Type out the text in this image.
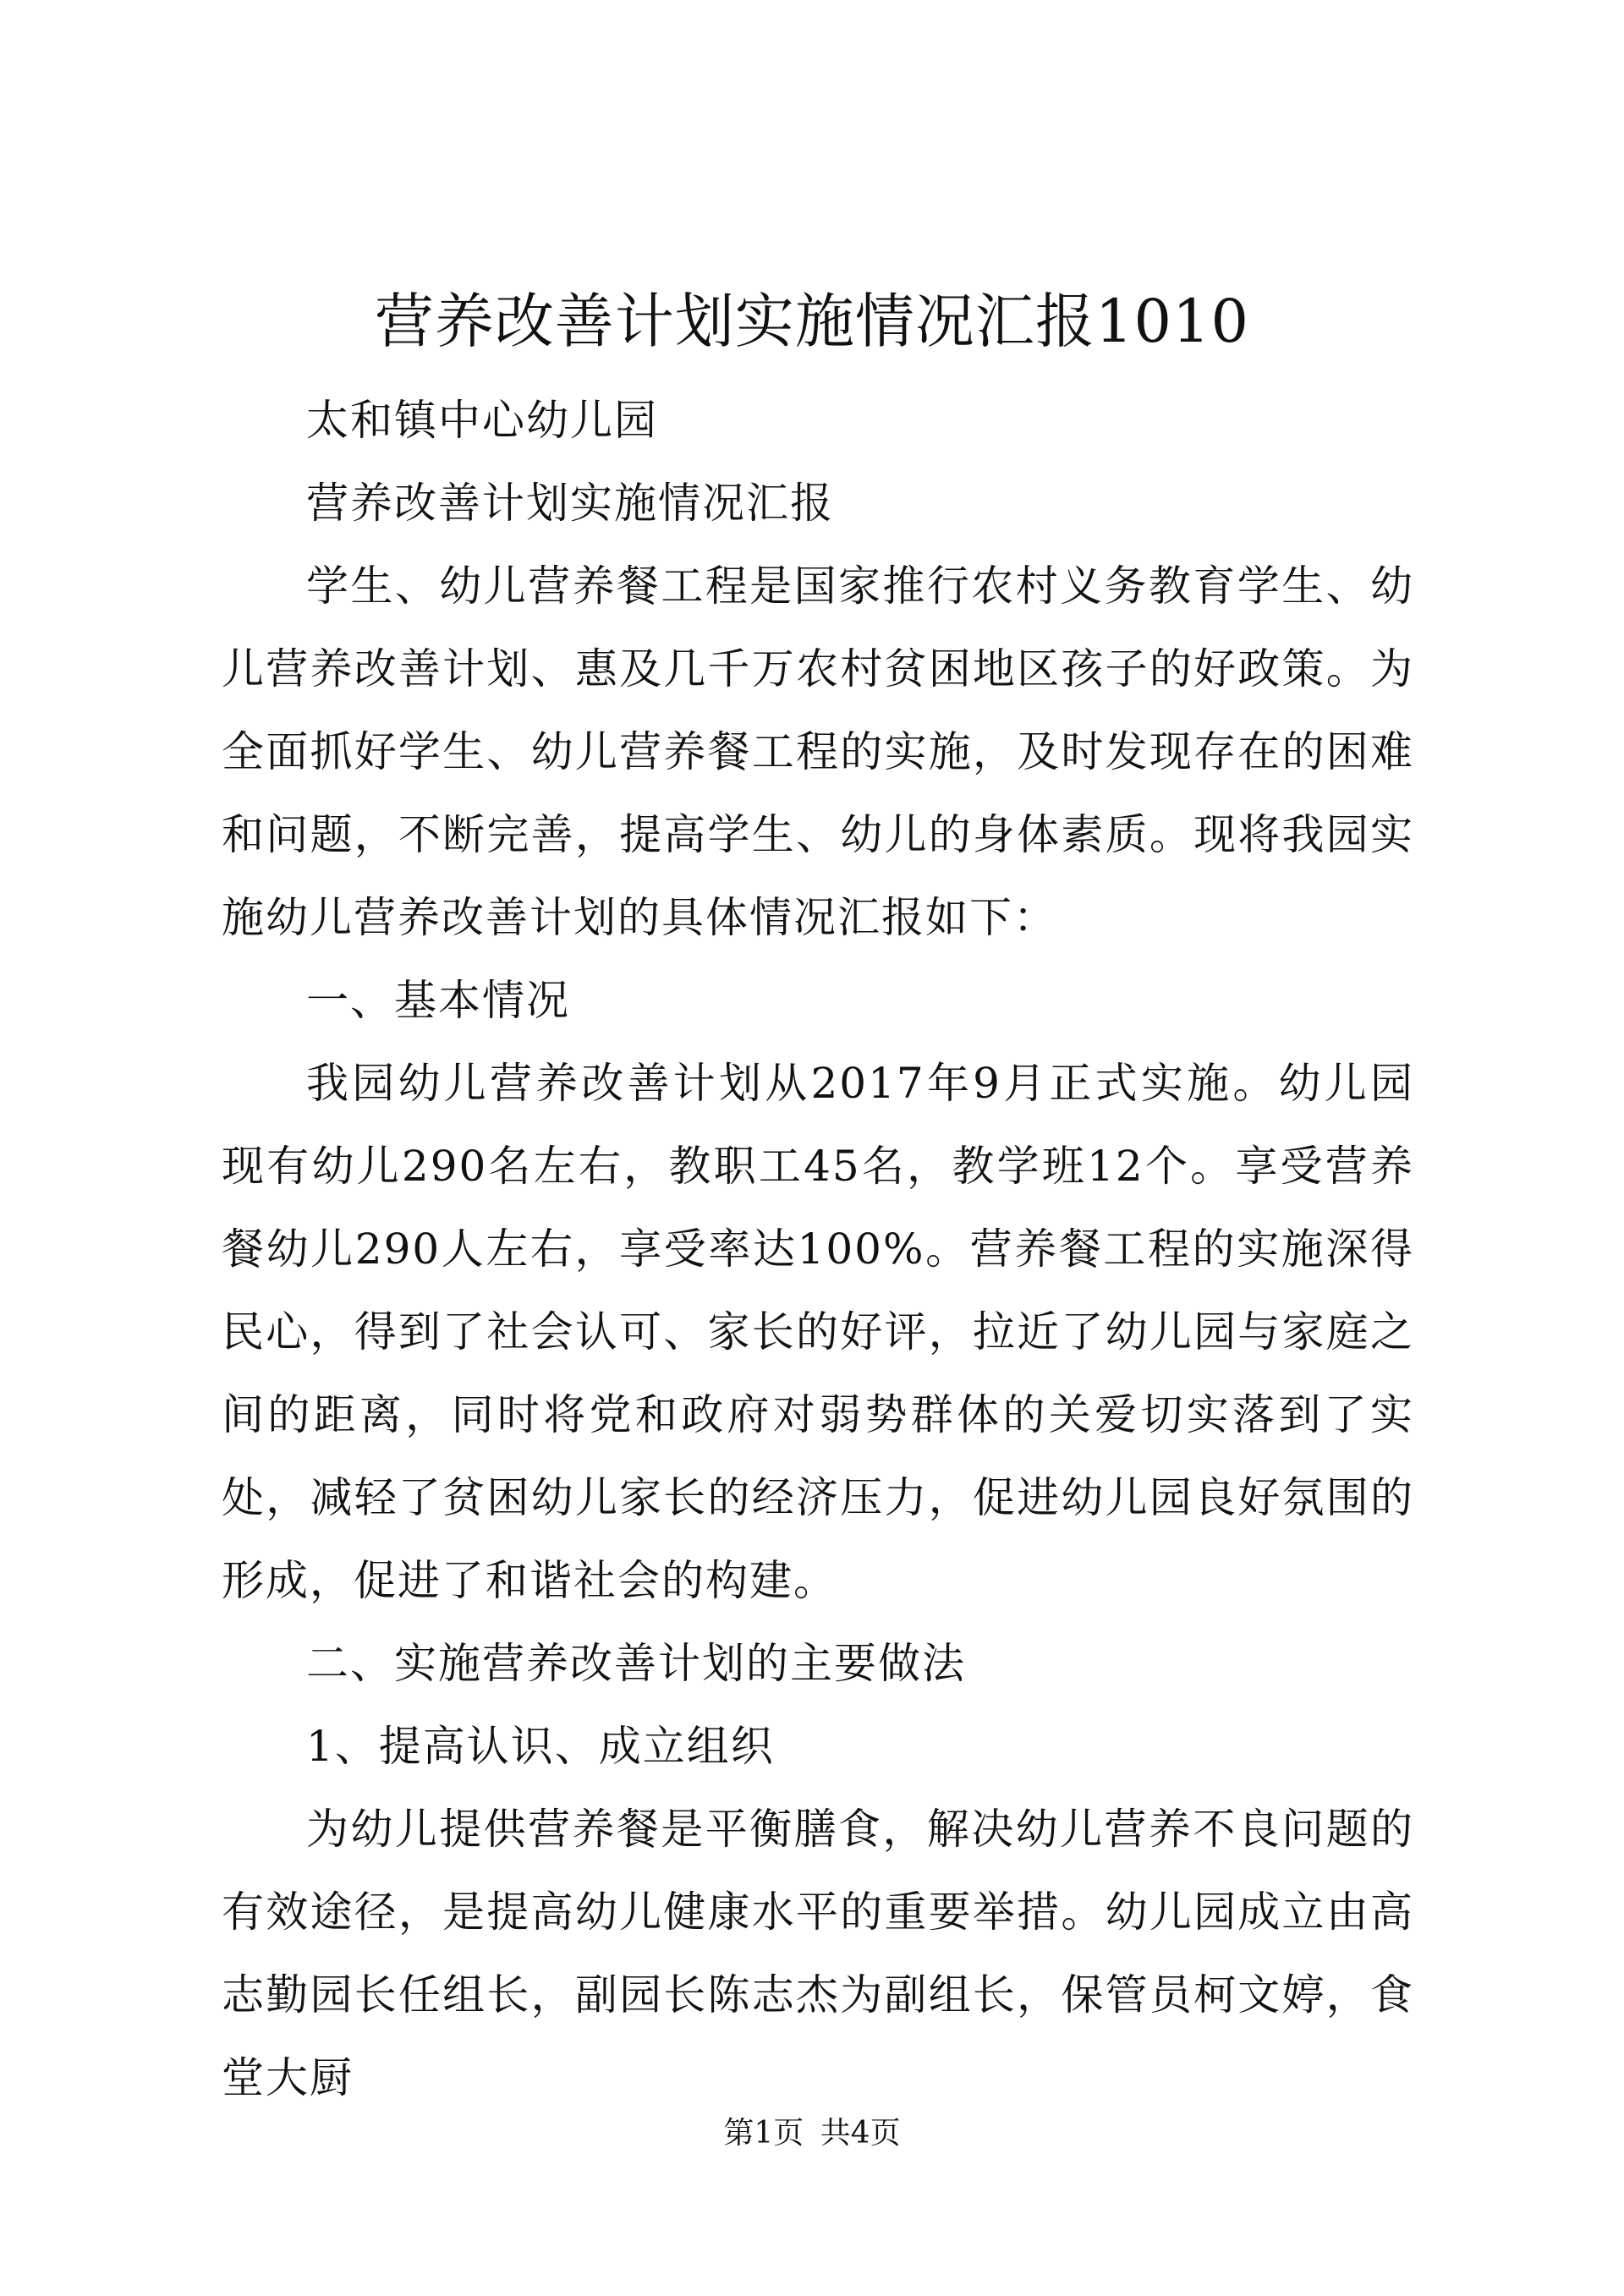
营养改善计划实施情况汇报1010

太和镇中心幼儿园

营养改善计划实施情况汇报

学生、幼儿营养餐工程是国家推行农村义务教育学生、幼儿营养改善计划、惠及几千万农村贫困地区孩子的好政策。为全面抓好学生、幼儿营养餐工程的实施，及时发现存在的困难和问题，不断完善，提高学生、幼儿的身体素质。现将我园实施幼儿营养改善计划的具体情况汇报如下：

一、基本情况

我园幼儿营养改善计划从2017年9月正式实施。幼儿园现有幼儿290名左右，教职工45名，教学班12个。享受营养餐幼儿290人左右，享受率达100%。营养餐工程的实施深得民心，得到了社会认可、家长的好评，拉近了幼儿园与家庭之间的距离，同时将党和政府对弱势群体的关爱切实落到了实处，减轻了贫困幼儿家长的经济压力，促进幼儿园良好氛围的形成，促进了和谐社会的构建。

二、实施营养改善计划的主要做法

1、提高认识、成立组织

为幼儿提供营养餐是平衡膳食，解决幼儿营养不良问题的有效途径，是提高幼儿健康水平的重要举措。幼儿园成立由高志勤园长任组长，副园长陈志杰为副组长，保管员柯文婷，食堂大厨

第1页 共4页
